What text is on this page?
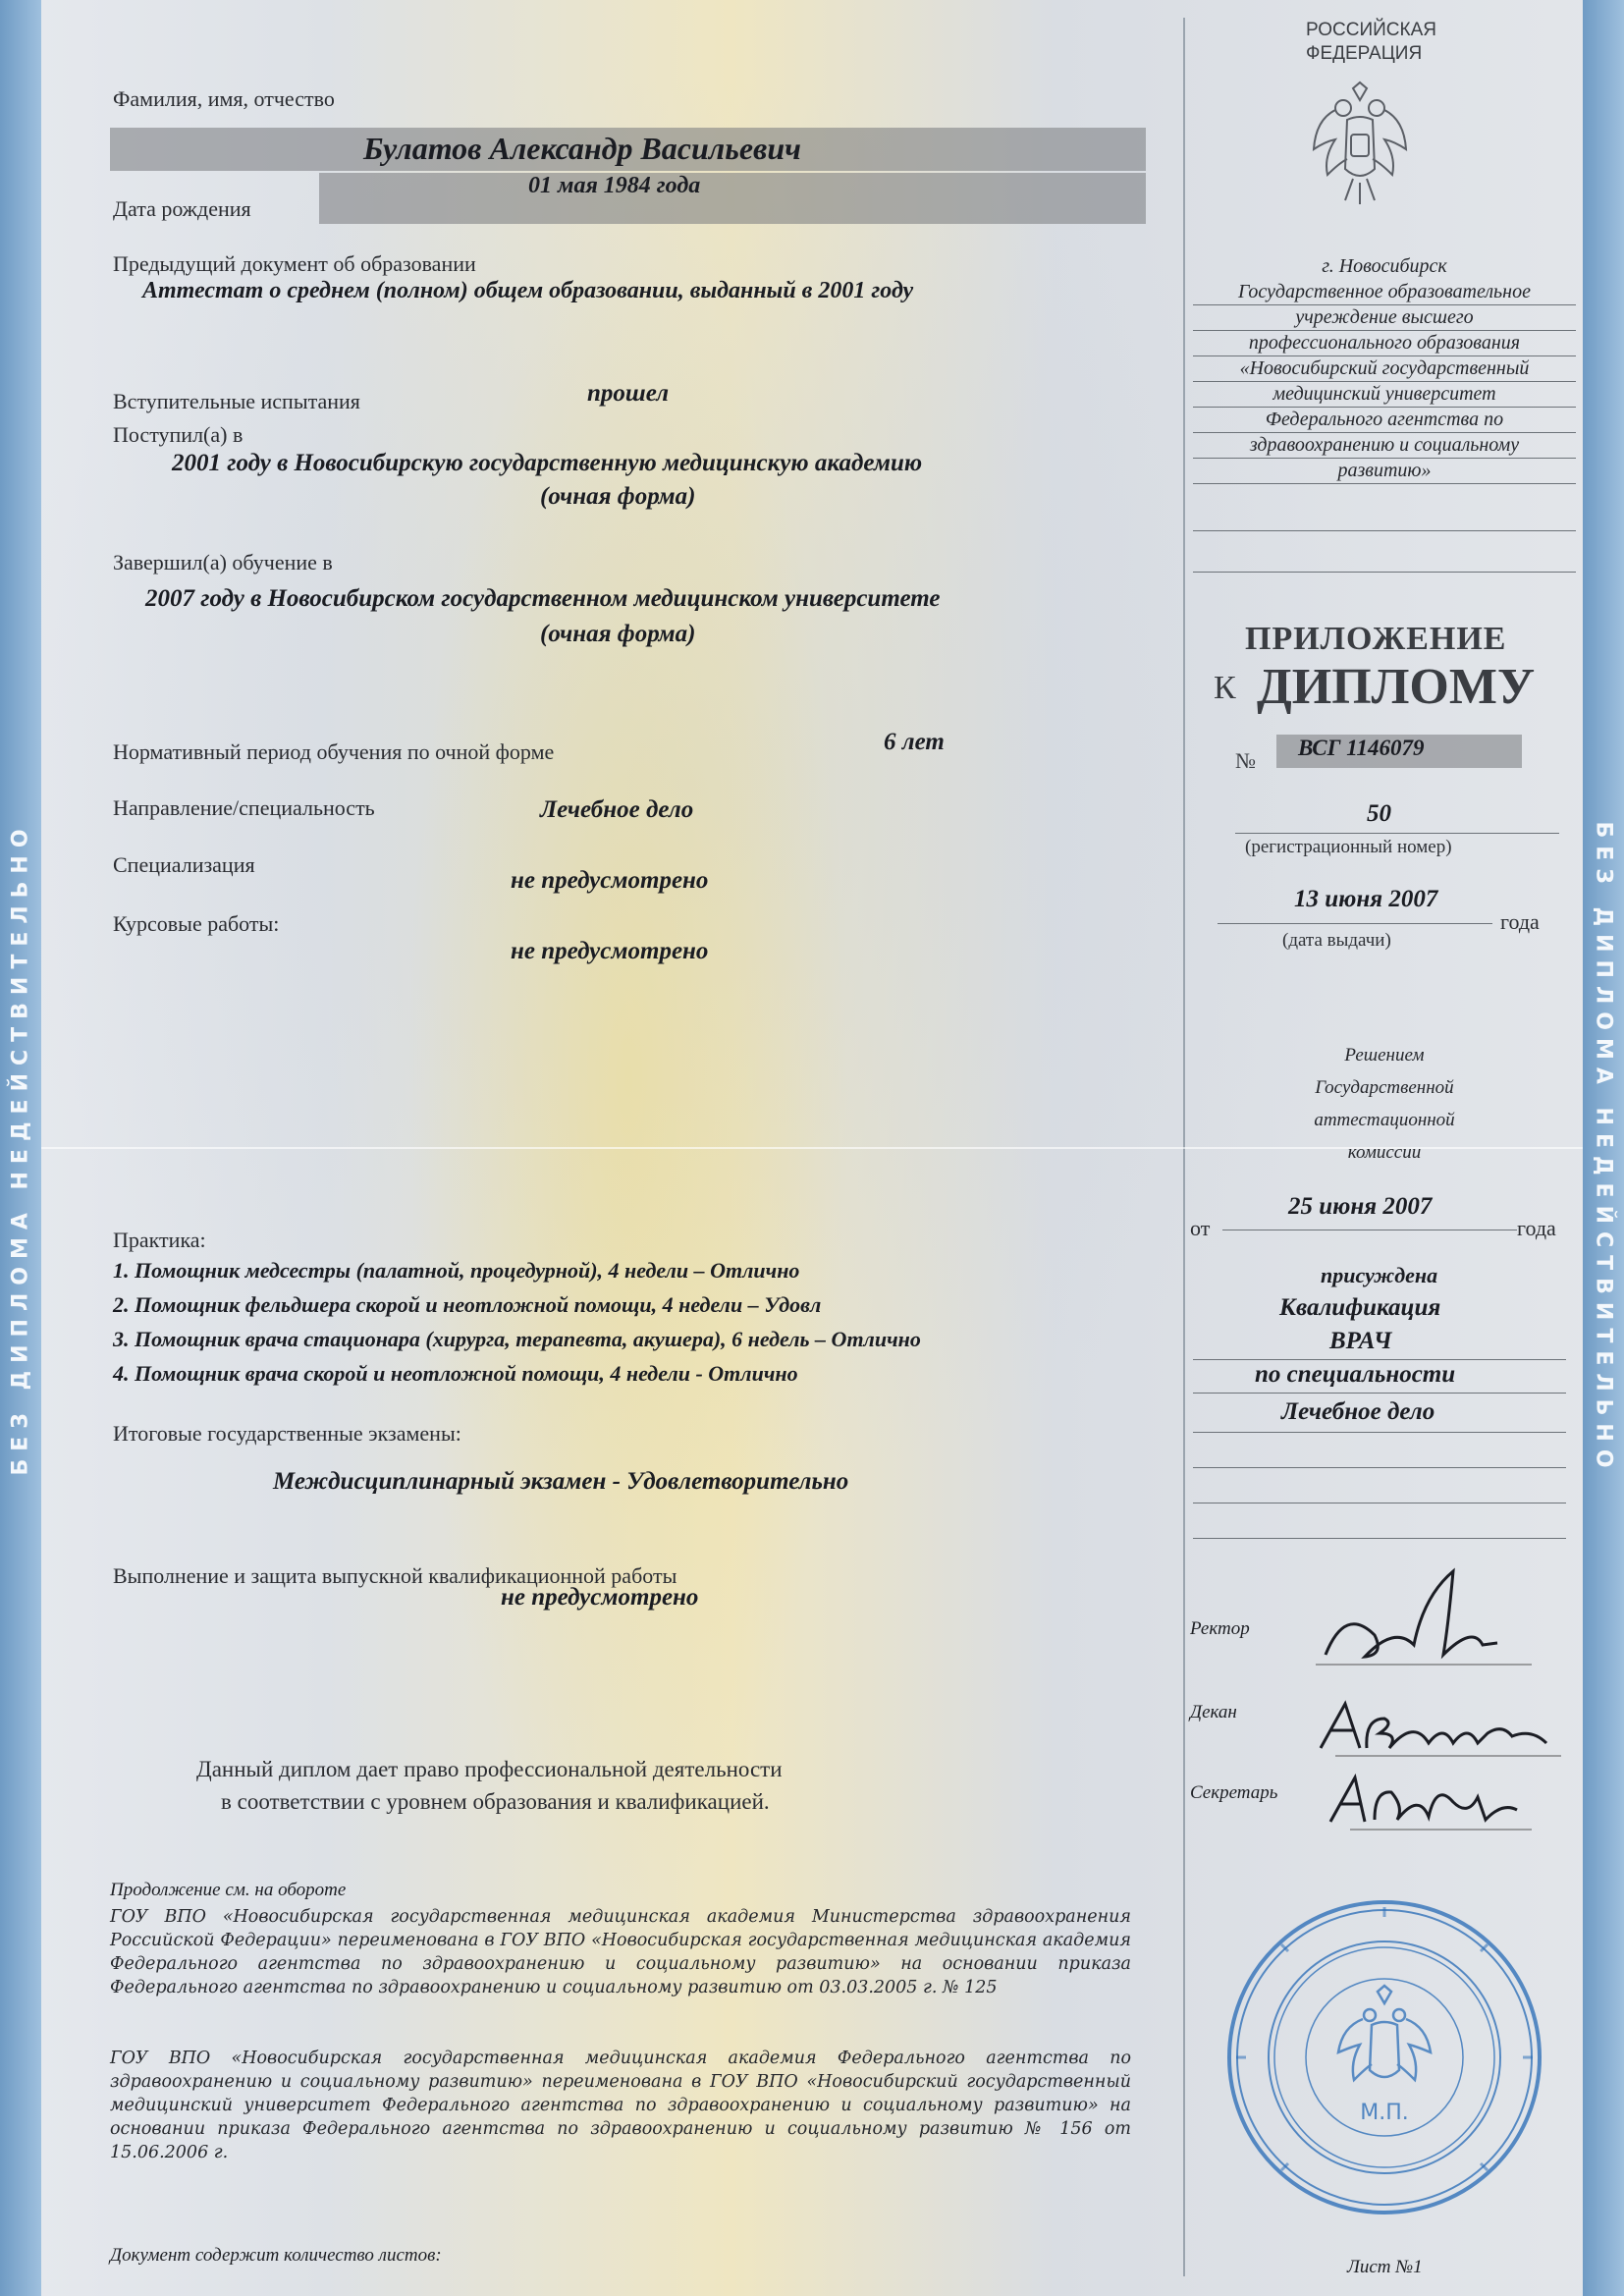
БЕЗ ДИПЛОМА НЕДЕЙСТВИТЕЛЬНО	БЕЗ ДИПЛОМА НЕДЕЙСТВИТЕЛЬНО
Фамилия, имя, отчество
Булатов Александр Васильевич
01 мая 1984 года
Дата рождения
Предыдущий документ об образовании
Аттестат о среднем (полном) общем образовании, выданный в 2001 году
Вступительные испытания	прошел
Поступил(а) в
2001 году в Новосибирскую государственную медицинскую академию
(очная форма)
Завершил(а) обучение в
2007 году в Новосибирском государственном медицинском университете
(очная форма)
Нормативный период обучения по очной форме	6 лет
Направление/специальность	Лечебное дело
Специализация
не предусмотрено
Курсовые работы:
не предусмотрено
Практика:
1. Помощник медсестры (палатной, процедурной), 4 недели – Отлично
2. Помощник фельдшера скорой и неотложной помощи, 4 недели – Удовл
3. Помощник врача стационара (хирурга, терапевта, акушера), 6 недель – Отлично
4. Помощник врача скорой и неотложной помощи, 4 недели - Отлично
Итоговые государственные экзамены:
Междисциплинарный экзамен - Удовлетворительно
Выполнение и защита выпускной квалификационной работы
не предусмотрено
Данный диплом дает право профессиональной деятельности
в соответствии с уровнем образования и квалификацией.
Продолжение см. на обороте
ГОУ ВПО «Новосибирская государственная медицинская академия Министерства здравоохранения Российской Федерации» переименована в ГОУ ВПО «Новосибирская государственная медицинская академия Федерального агентства по здравоохранению и социальному развитию» на основании приказа Федерального агентства по здравоохранению и социальному развитию от 03.03.2005 г. № 125
ГОУ ВПО «Новосибирская государственная медицинская академия Федерального агентства по здравоохранению и социальному развитию» переименована в ГОУ ВПО «Новосибирский государственный медицинский университет Федерального агентства по здравоохранению и социальному развитию» на основании приказа Федерального агентства по здравоохранению и социальному развитию № 156 от 15.06.2006 г.
Документ содержит количество листов:
РОССИЙСКАЯ
ФЕДЕРАЦИЯ
г. Новосибирск
Государственное образовательное
учреждение высшего
профессионального образования
«Новосибирский государственный
медицинский университет
Федерального агентства по
здравоохранению и социальному
развитию»
ПРИЛОЖЕНИЕ
К ДИПЛОМУ
№
ВСГ 1146079
50
(регистрационный номер)
13 июня 2007
года
(дата выдачи)
Решением
Государственной
аттестационной
комиссии
от
25 июня 2007
года
присуждена
Квалификация
ВРАЧ
по специальности
Лечебное дело
Ректор
Декан
Секретарь
М.П.
Лист №1
